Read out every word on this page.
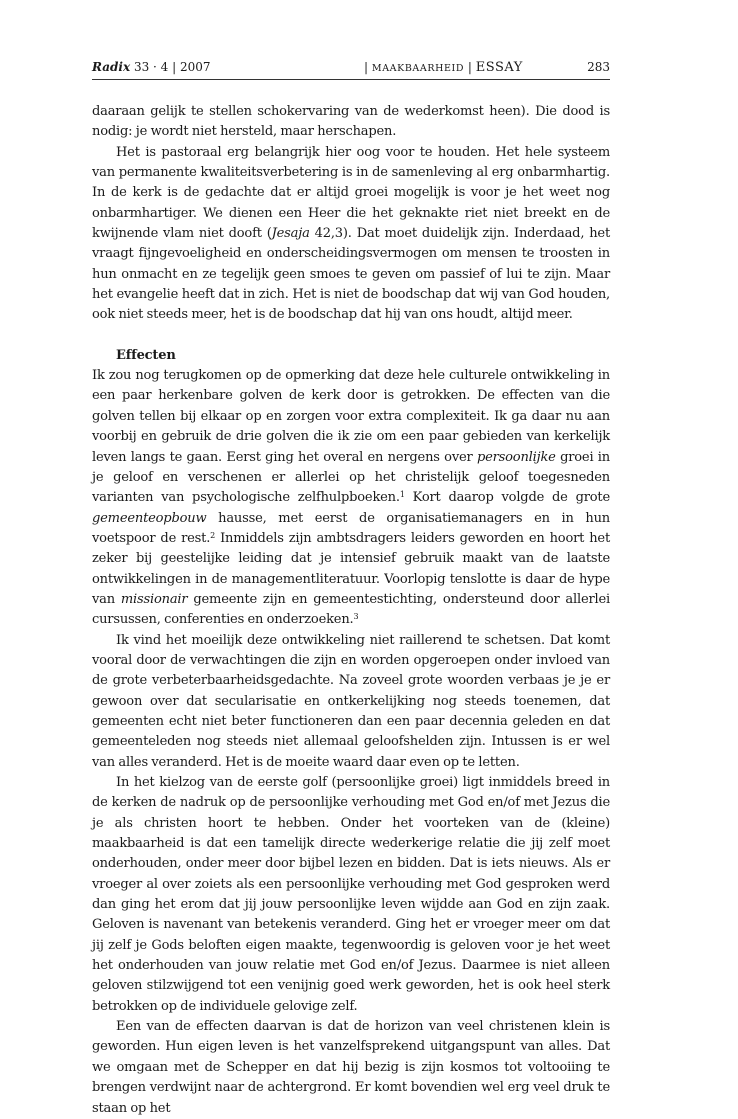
Radix 33 · 4 | 2007	| MAAKBAARHEID | ESSAY	283

daaraan gelijk te stellen schokervaring van de wederkomst heen). Die dood is nodig: je wordt niet hersteld, maar herschapen.

Het is pastoraal erg belangrijk hier oog voor te houden. Het hele systeem van permanente kwaliteitsverbetering is in de samenleving al erg onbarmhartig. In de kerk is de gedachte dat er altijd groei mogelijk is voor je het weet nog onbarmhartiger. We dienen een Heer die het geknakte riet niet breekt en de kwijnende vlam niet dooft (Jesaja 42,3). Dat moet duidelijk zijn. Inderdaad, het vraagt fijngevoeligheid en onderscheidingsvermogen om mensen te troosten in hun onmacht en ze tegelijk geen smoes te geven om passief of lui te zijn. Maar het evangelie heeft dat in zich. Het is niet de boodschap dat wij van God houden, ook niet steeds meer, het is de boodschap dat hij van ons houdt, altijd meer.

Effecten

Ik zou nog terugkomen op de opmerking dat deze hele culturele ontwikkeling in een paar herkenbare golven de kerk door is getrokken. De effecten van die golven tellen bij elkaar op en zorgen voor extra complexiteit. Ik ga daar nu aan voorbij en gebruik de drie golven die ik zie om een paar gebieden van kerkelijk leven langs te gaan. Eerst ging het overal en nergens over persoonlijke groei in je geloof en verschenen er allerlei op het christelijk geloof toegesneden varianten van psychologische zelfhulpboeken.$^1$ Kort daarop volgde de grote gemeenteopbouw hausse, met eerst de organisatiemanagers en in hun voetspoor de rest.$^2$ Inmiddels zijn ambtsdragers leiders geworden en hoort het zeker bij geestelijke leiding dat je intensief gebruik maakt van de laatste ontwikkelingen in de managementliteratuur. Voorlopig tenslotte is daar de hype van missionair gemeente zijn en gemeentestichting, ondersteund door allerlei cursussen, conferenties en onderzoeken.$^3$

Ik vind het moeilijk deze ontwikkeling niet raillerend te schetsen. Dat komt vooral door de verwachtingen die zijn en worden opgeroepen onder invloed van de grote verbeterbaarheidsgedachte. Na zoveel grote woorden verbaas je je er gewoon over dat secularisatie en ontkerkelijking nog steeds toenemen, dat gemeenten echt niet beter functioneren dan een paar decennia geleden en dat gemeenteleden nog steeds niet allemaal geloofshelden zijn. Intussen is er wel van alles veranderd. Het is de moeite waard daar even op te letten.

In het kielzog van de eerste golf (persoonlijke groei) ligt inmiddels breed in de kerken de nadruk op de persoonlijke verhouding met God en/of met Jezus die je als christen hoort te hebben. Onder het voorteken van de (kleine) maakbaarheid is dat een tamelijk directe wederkerige relatie die jij zelf moet onderhouden, onder meer door bijbel lezen en bidden. Dat is iets nieuws. Als er vroeger al over zoiets als een persoonlijke verhouding met God gesproken werd dan ging het erom dat jij jouw persoonlijke leven wijdde aan God en zijn zaak. Geloven is navenant van betekenis veranderd. Ging het er vroeger meer om dat jij zelf je Gods beloften eigen maakte, tegenwoordig is geloven voor je het weet het onderhouden van jouw relatie met God en/of Jezus. Daarmee is niet alleen geloven stilzwijgend tot een venijnig goed werk geworden, het is ook heel sterk betrokken op de individuele gelovige zelf.

Een van de effecten daarvan is dat de horizon van veel christenen klein is geworden. Hun eigen leven is het vanzelfsprekend uitgangspunt van alles. Dat we omgaan met de Schepper en dat hij bezig is zijn kosmos tot voltooiing te brengen verdwijnt naar de achtergrond. Er komt bovendien wel erg veel druk te staan op het
